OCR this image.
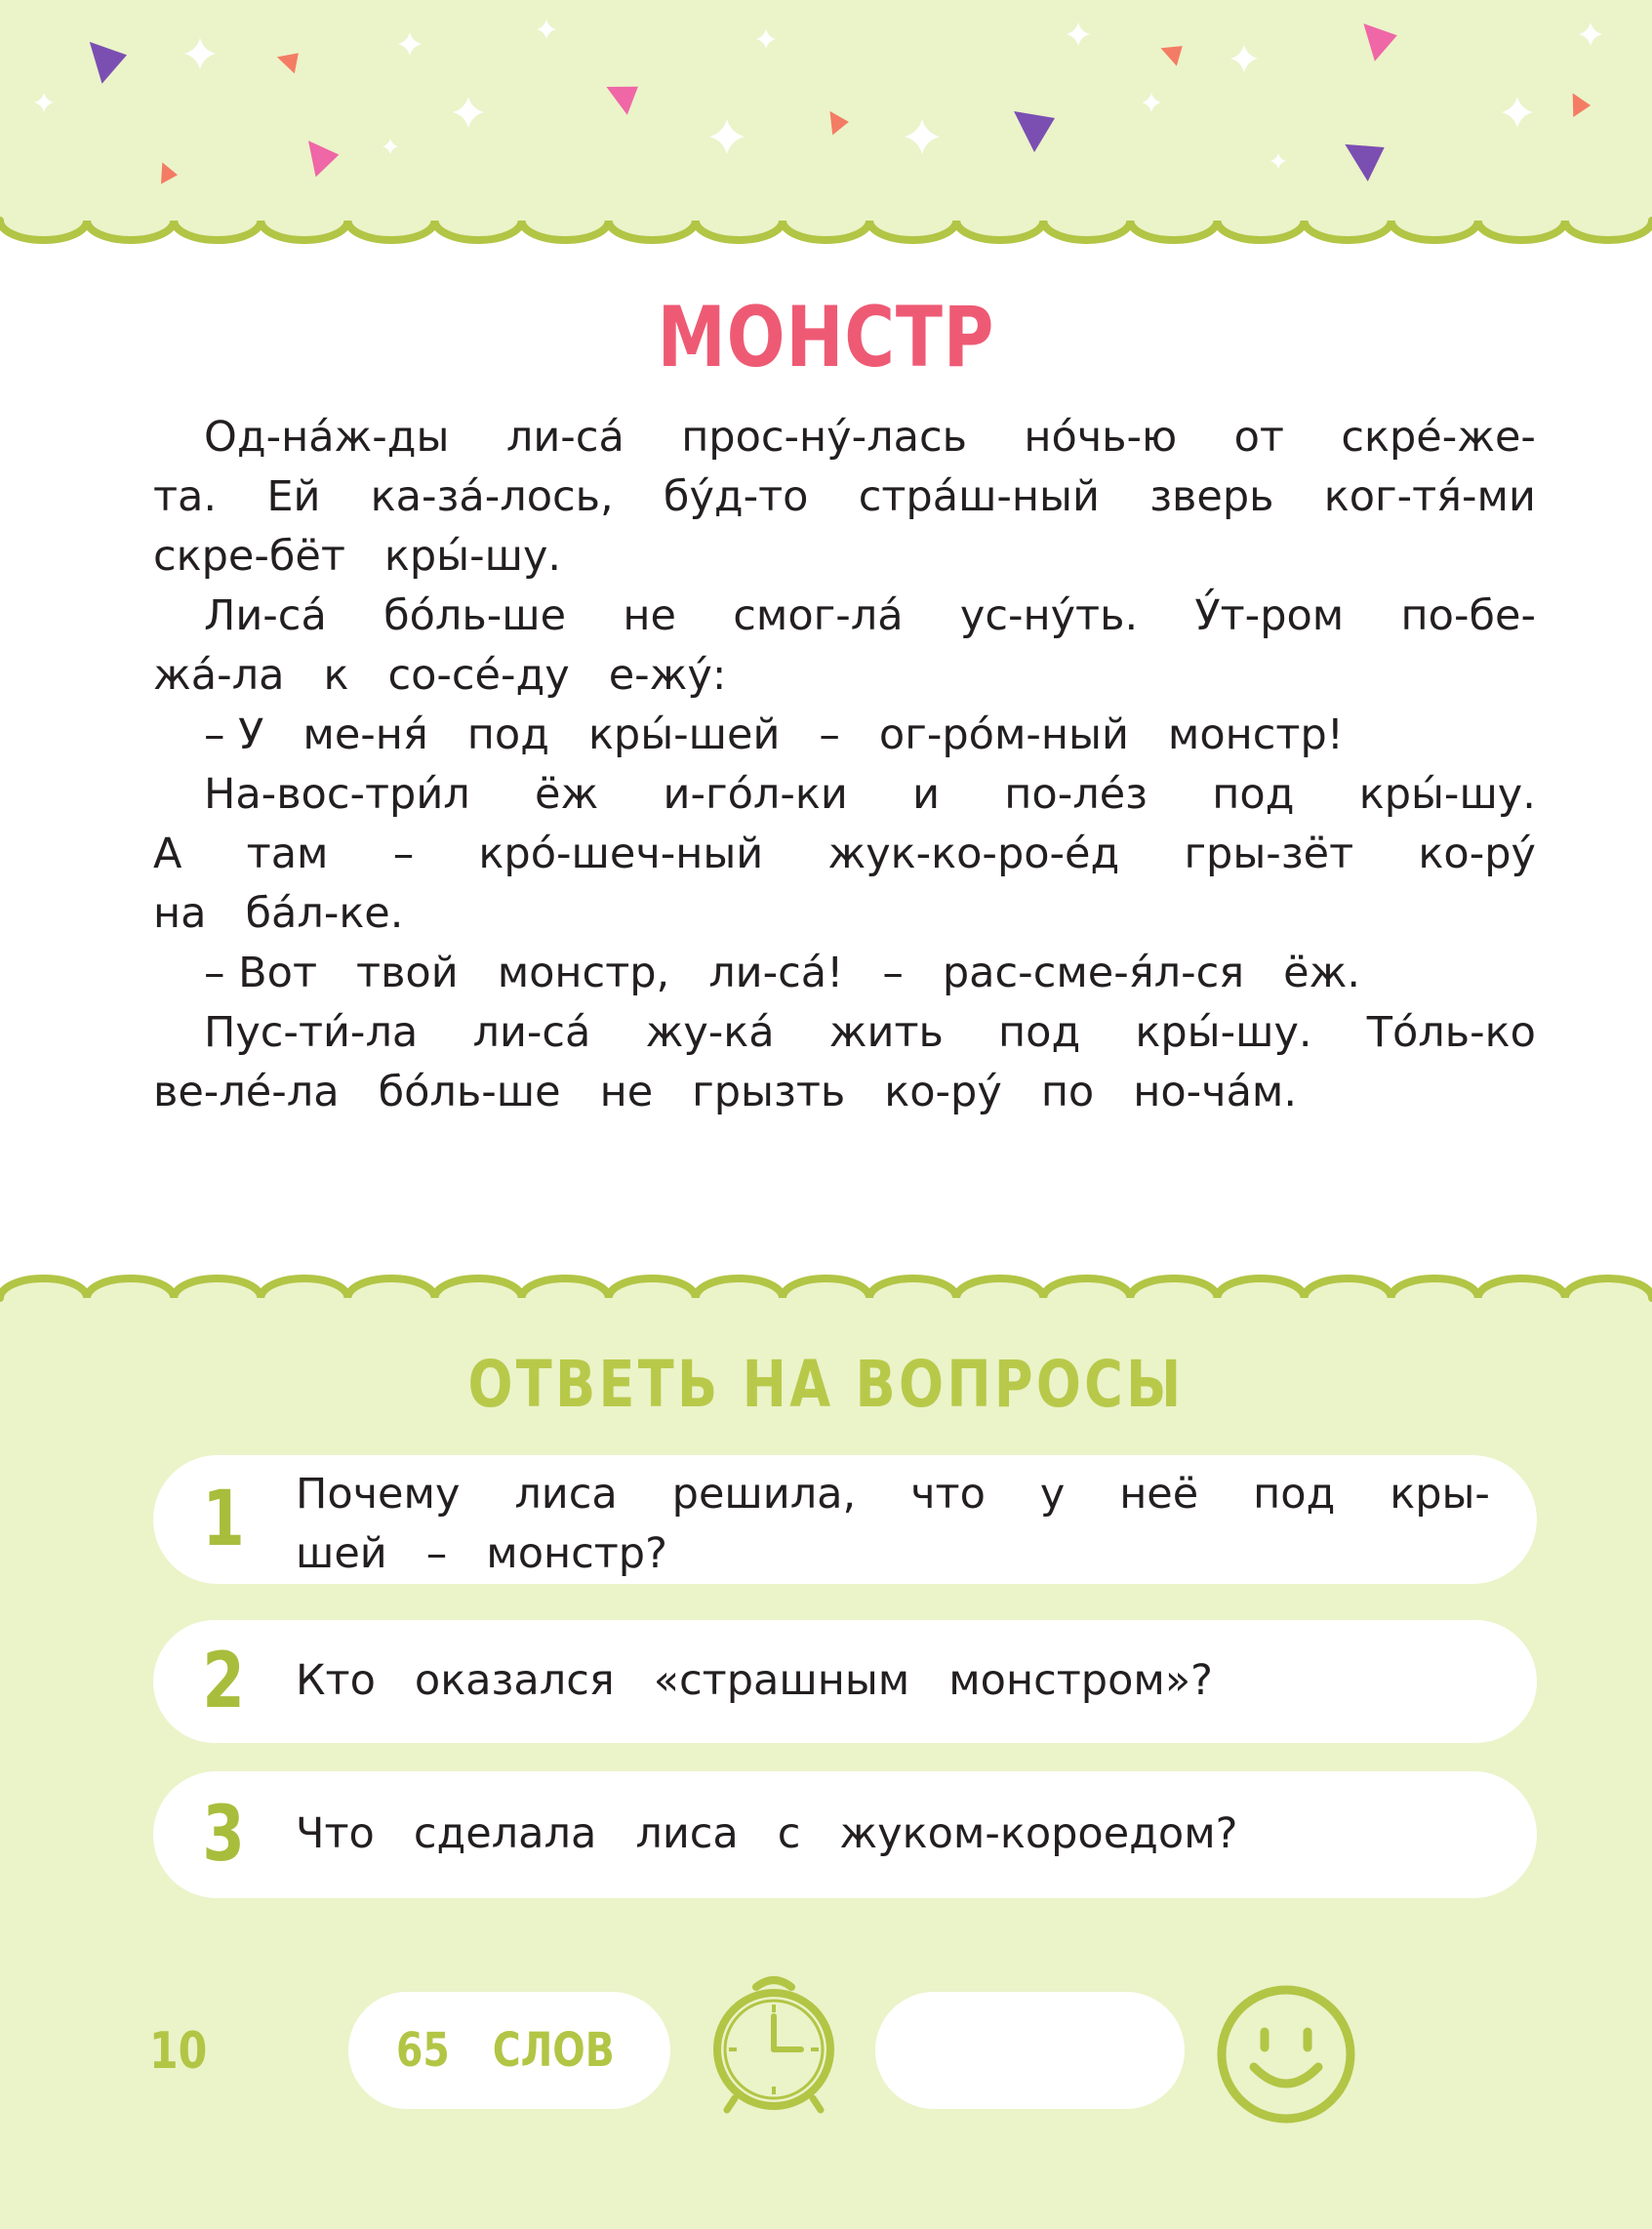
МОНСТР
Од-на́ж-ды ли-са́ прос-ну́-лась но́чь-ю от скре́-же-
та. Ей ка-за́-лось, бу́д-то стра́ш-ный зверь ког-тя́-ми
скре-бёт кры́-шу.
Ли-са́ бо́ль-ше не смог-ла́ ус-ну́ть. У́т-ром по-бе-
жа́-ла к со-се́-ду е-жу́:
– У ме-ня́ под кры́-шей – ог-ро́м-ный монстр!
На-вос-три́л ёж и-го́л-ки и по-ле́з под кры́-шу.
А там – кро́-шеч-ный жук-ко-ро-е́д гры-зёт ко-ру́
на ба́л-ке.
– Вот твой монстр, ли-са́! – рас-сме-я́л-ся ёж.
Пус-ти́-ла ли-са́ жу-ка́ жить под кры́-шу. То́ль-ко
ве-ле́-ла бо́ль-ше не грызть ко-ру́ по но-ча́м.
ОТВЕТЬ НА ВОПРОСЫ
1 Почему лиса решила, что у неё под кры-
шей – монстр?
2 Кто оказался «страшным монстром»?
3 Что сделала лиса с жуком-короедом?
10	65 СЛОВ
